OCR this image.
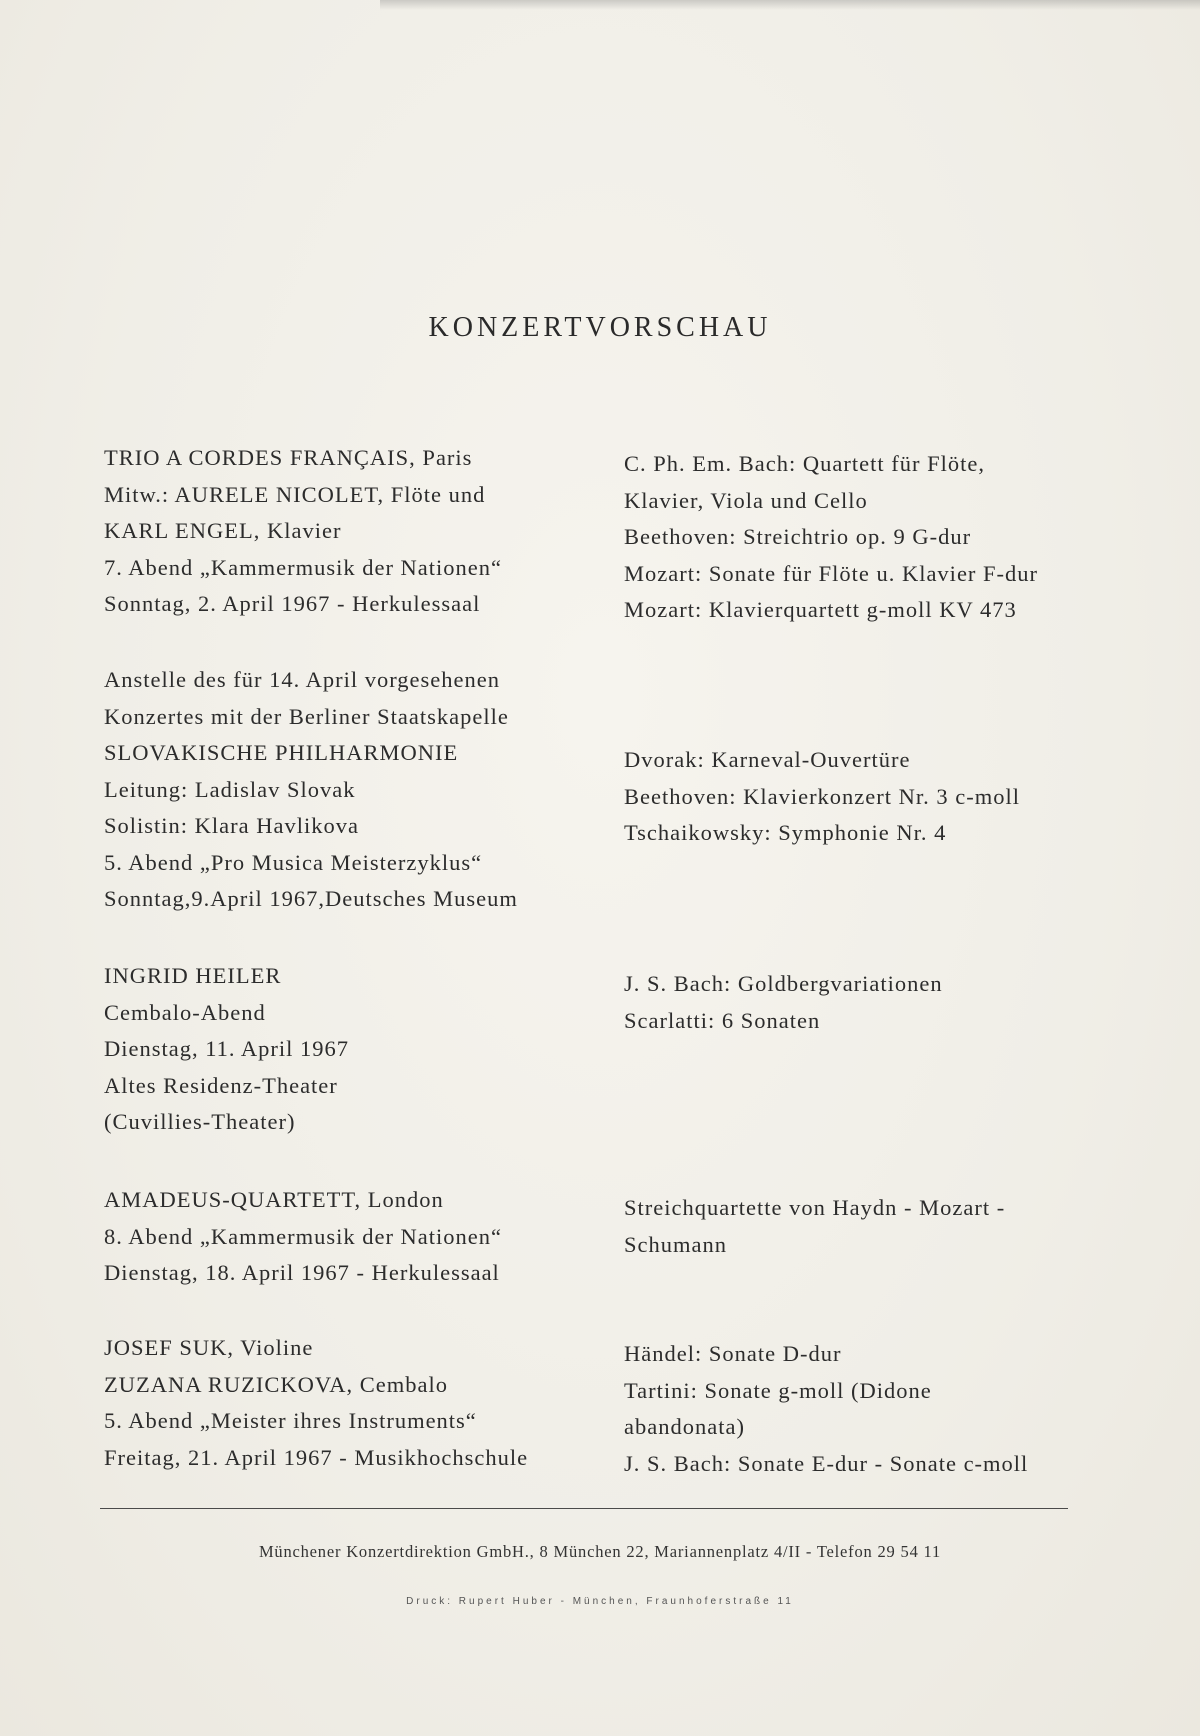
KONZERTVORSCHAU
TRIO A CORDES FRANÇAIS, Paris
Mitw.: AURELE NICOLET, Flöte und
KARL ENGEL, Klavier
7. Abend „Kammermusik der Nationen“
Sonntag, 2. April 1967 - Herkulessaal
C. Ph. Em. Bach: Quartett für Flöte,
Klavier, Viola und Cello
Beethoven: Streichtrio op. 9 G-dur
Mozart: Sonate für Flöte u. Klavier F-dur
Mozart: Klavierquartett g-moll KV 473
Anstelle des für 14. April vorgesehenen
Konzertes mit der Berliner Staatskapelle
SLOVAKISCHE PHILHARMONIE
Leitung: Ladislav Slovak
Solistin: Klara Havlikova
5. Abend „Pro Musica Meisterzyklus“
Sonntag,9.April 1967,Deutsches Museum
Dvorak: Karneval-Ouvertüre
Beethoven: Klavierkonzert Nr. 3 c-moll
Tschaikowsky: Symphonie Nr. 4
INGRID HEILER
Cembalo-Abend
Dienstag, 11. April 1967
Altes Residenz-Theater
(Cuvillies-Theater)
J. S. Bach: Goldbergvariationen
Scarlatti: 6 Sonaten
AMADEUS-QUARTETT, London
8. Abend „Kammermusik der Nationen“
Dienstag, 18. April 1967 - Herkulessaal
Streichquartette von Haydn - Mozart -
Schumann
JOSEF SUK, Violine
ZUZANA RUZICKOVA, Cembalo
5. Abend „Meister ihres Instruments“
Freitag, 21. April 1967 - Musikhochschule
Händel: Sonate D-dur
Tartini: Sonate g-moll (Didone
abandonata)
J. S. Bach: Sonate E-dur - Sonate c-moll
Münchener Konzertdirektion GmbH., 8 München 22, Mariannenplatz 4/II - Telefon 29 54 11
Druck: Rupert Huber - München, Fraunhoferstraße 11
